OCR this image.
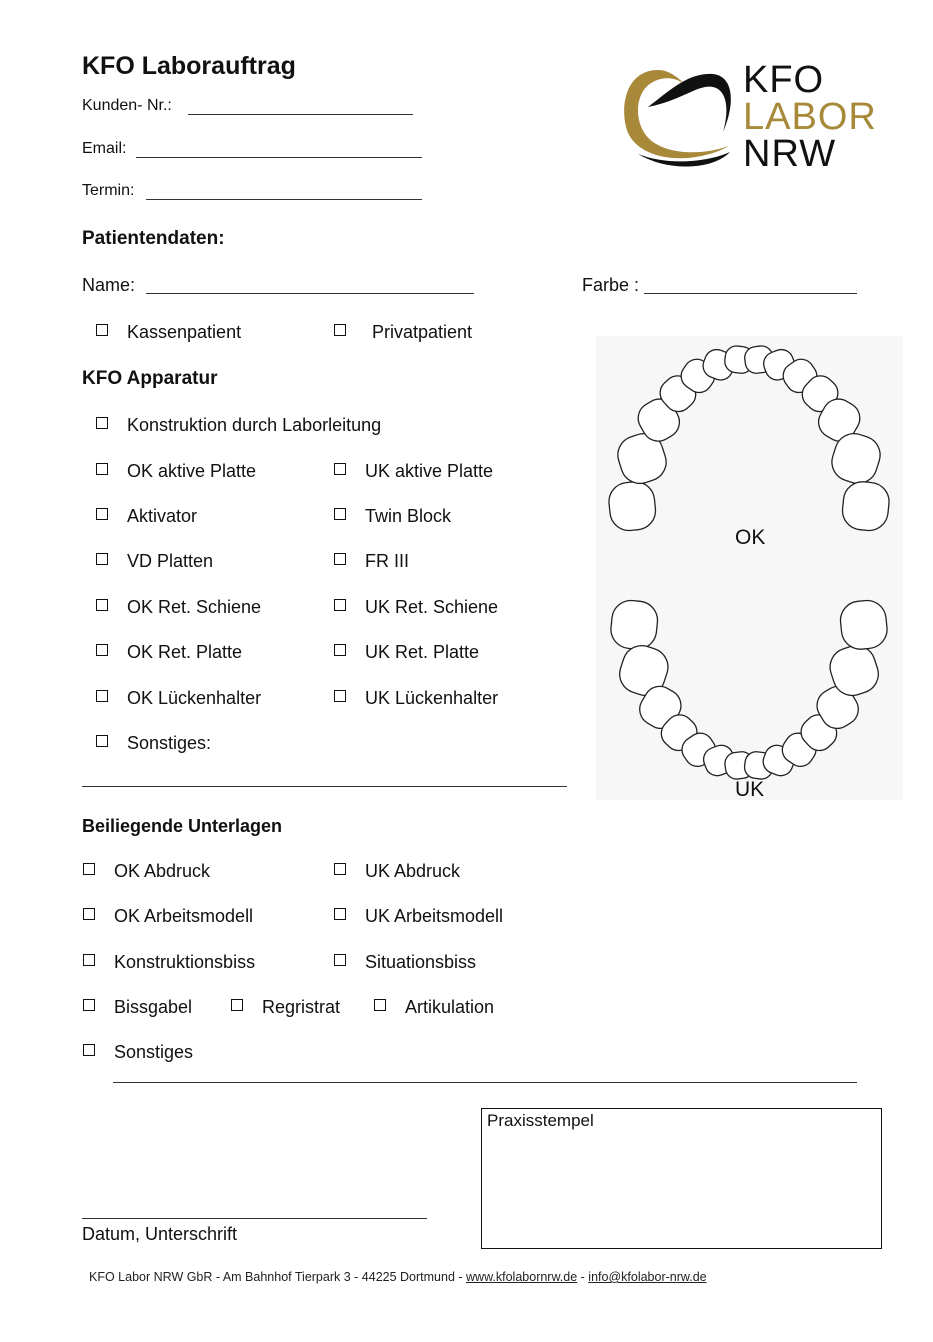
KFO Laborauftrag
Kunden- Nr.:
Email:
Termin:
KFO
LABOR
NRW
Patientendaten:
Name:	Farbe :
Kassenpatient	Privatpatient
KFO Apparatur
Konstruktion durch Laborleitung
OK aktive Platte	UK aktive Platte
Aktivator	Twin Block
VD Platten	FR III
OK Ret. Schiene	UK Ret. Schiene
OK Ret. Platte	UK Ret. Platte
OK Lückenhalter	UK Lückenhalter
Sonstiges:
OK
UK
Beiliegende Unterlagen
OK Abdruck	UK Abdruck
OK Arbeitsmodell	UK Arbeitsmodell
Konstruktionsbiss	Situationsbiss
Bissgabel	Regristrat	Artikulation
Sonstiges
Praxisstempel
Datum, Unterschrift
KFO Labor NRW GbR - Am Bahnhof Tierpark 3 - 44225 Dortmund - www.kfolabornrw.de - info@kfolabor-nrw.de
